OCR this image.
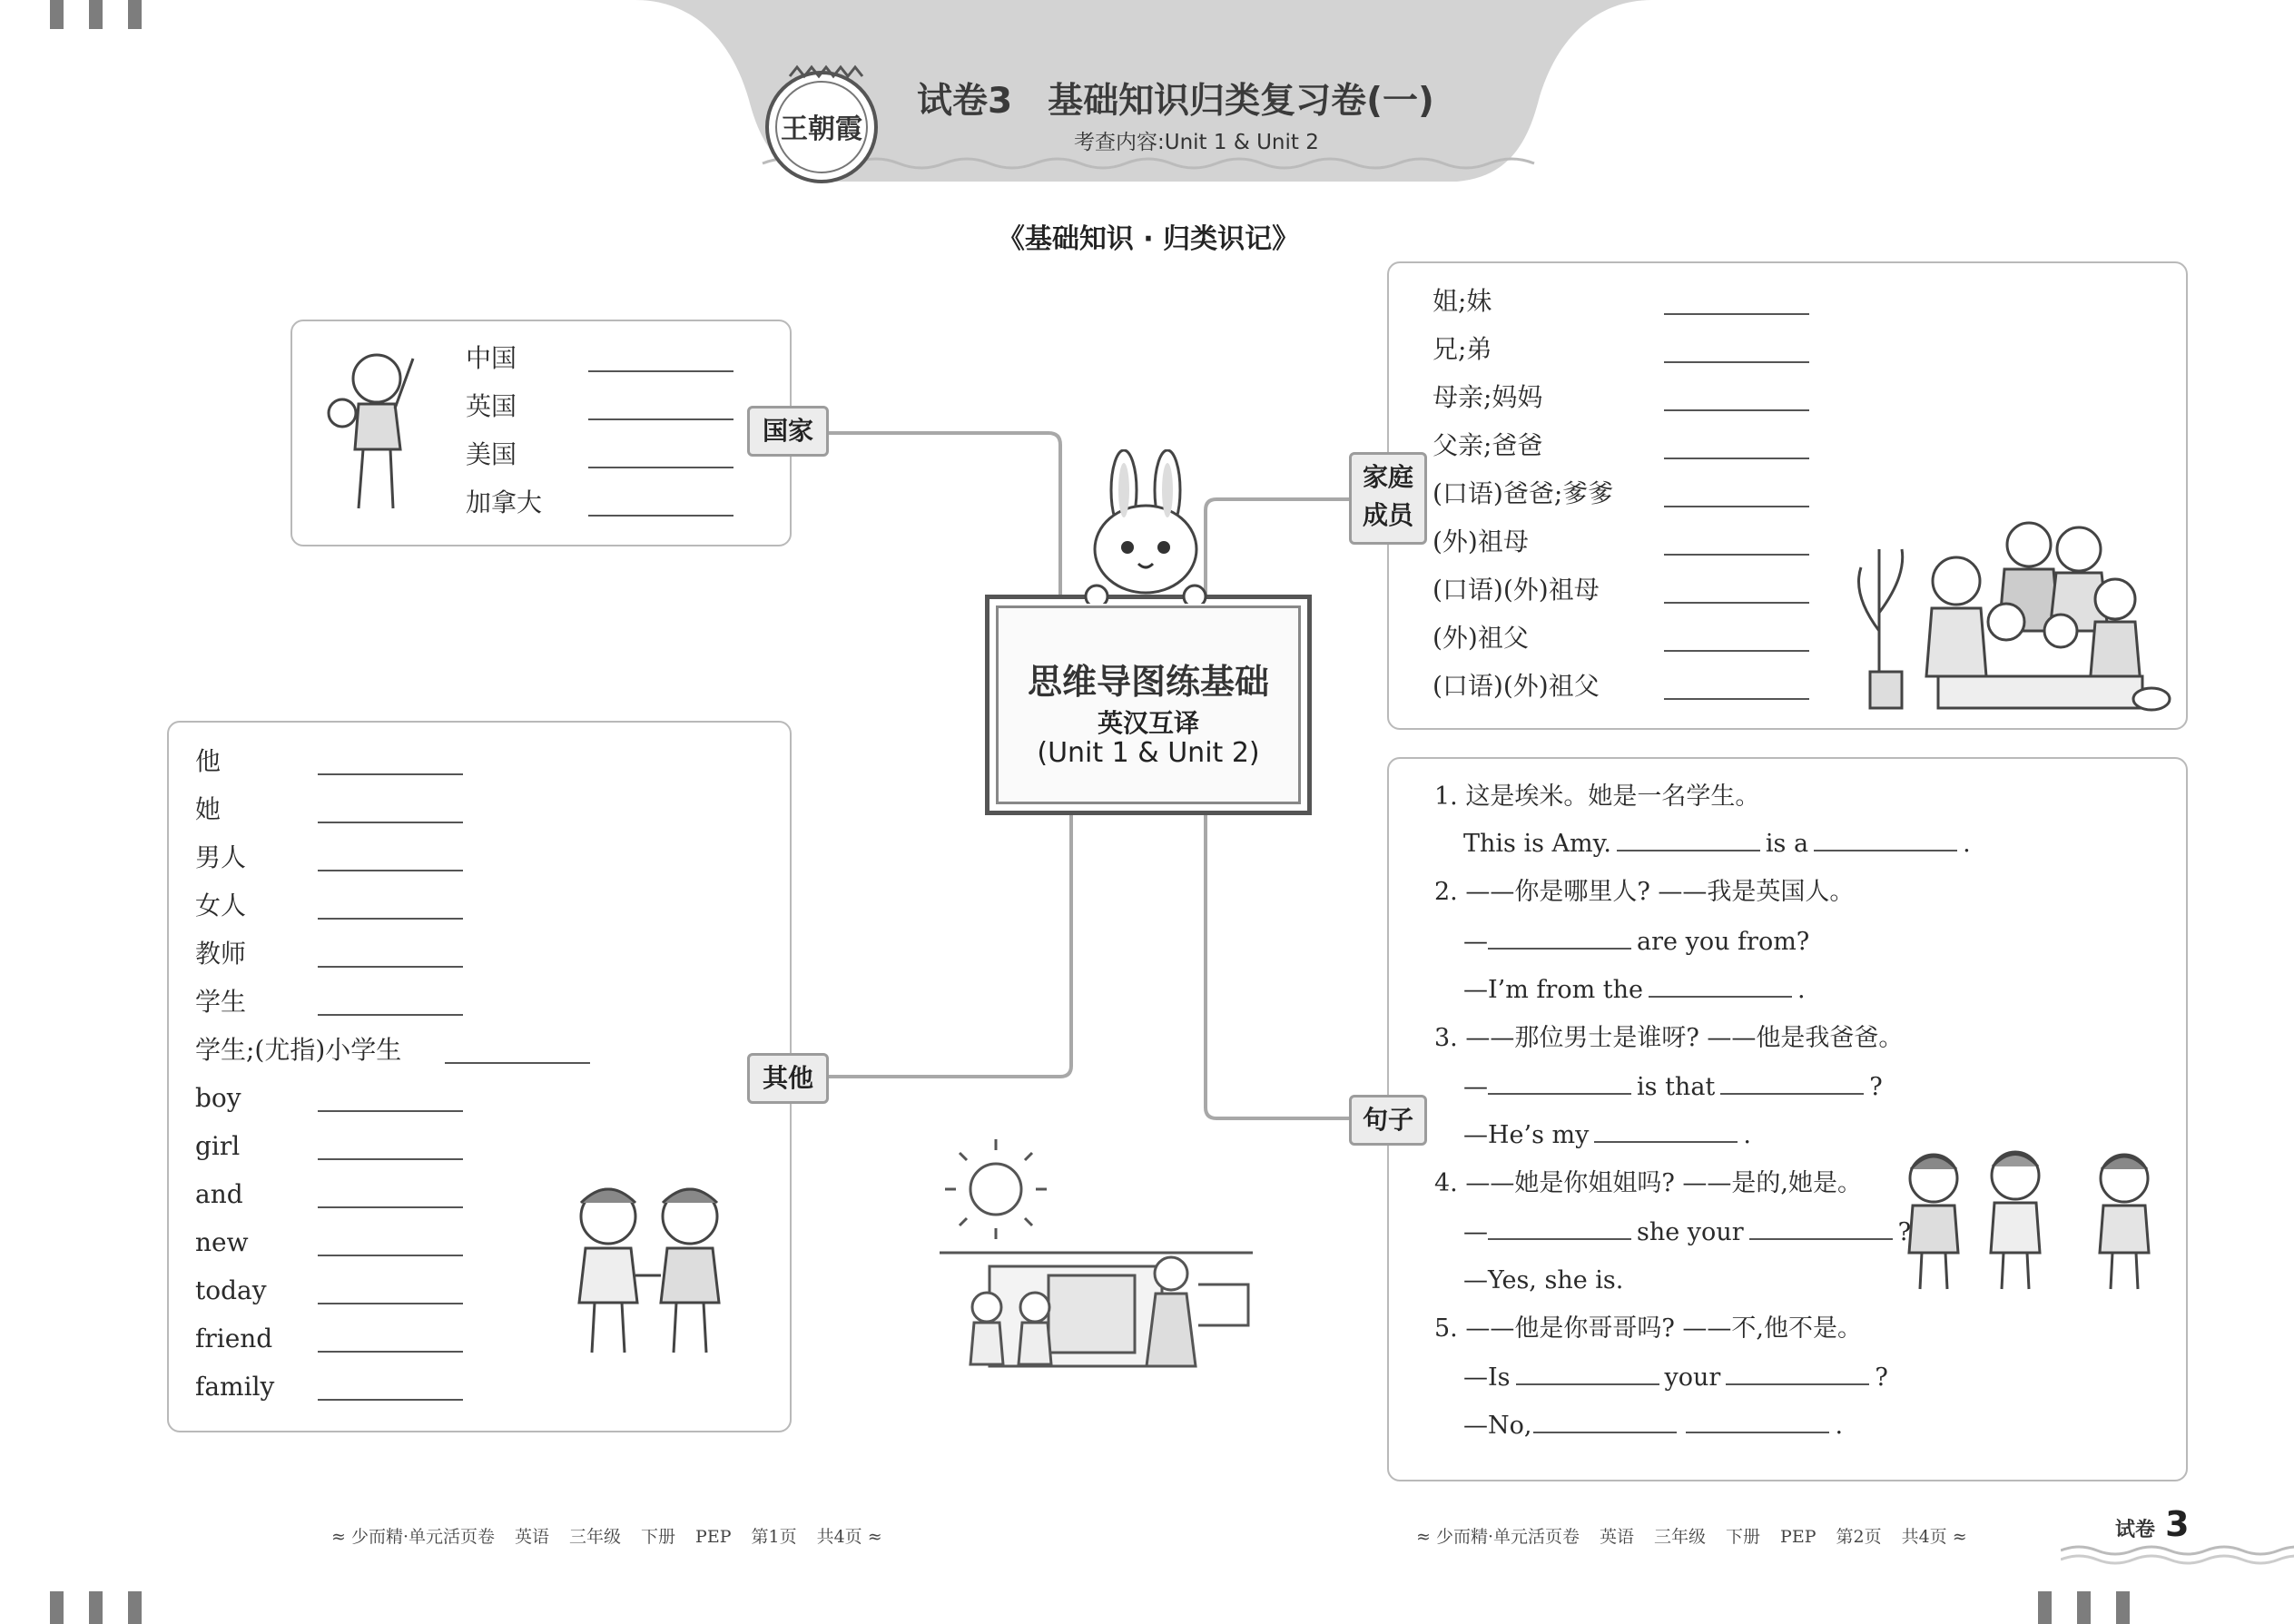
王朝霞
试卷3　基础知识归类复习卷(一)
考查内容:Unit 1 & Unit 2
《基础知识 · 归类识记》
思维导图练基础
英汉互译
(Unit 1 & Unit 2)
中国
英国
美国
加拿大
国家
姐;妹
兄;弟
母亲;妈妈
父亲;爸爸
(口语)爸爸;爹爹
(外)祖母
(口语)(外)祖母
(外)祖父
(口语)(外)祖父
家庭成员
他
她
男人
女人
教师
学生
学生;(尤指)小学生
boy
girl
and
new
today
friend
family
其他
句子
1. 这是埃米。她是一名学生。
This is Amy.	is a	.
2. ——你是哪里人? ——我是英国人。
—	are you from?
—I’m from the	.
3. ——那位男士是谁呀? ——他是我爸爸。
—	is that	?
—He’s my	.
4. ——她是你姐姐吗? ——是的,她是。
—	she your	?
—Yes, she is.
5. ——他是你哥哥吗? ——不,他不是。
—Is	your	?
—No,	.
≈ 少而精·单元活页卷 英语 三年级 下册 PEP 第1页 共4页 ≈	≈ 少而精·单元活页卷 英语 三年级 下册 PEP 第2页 共4页 ≈	试卷 3
